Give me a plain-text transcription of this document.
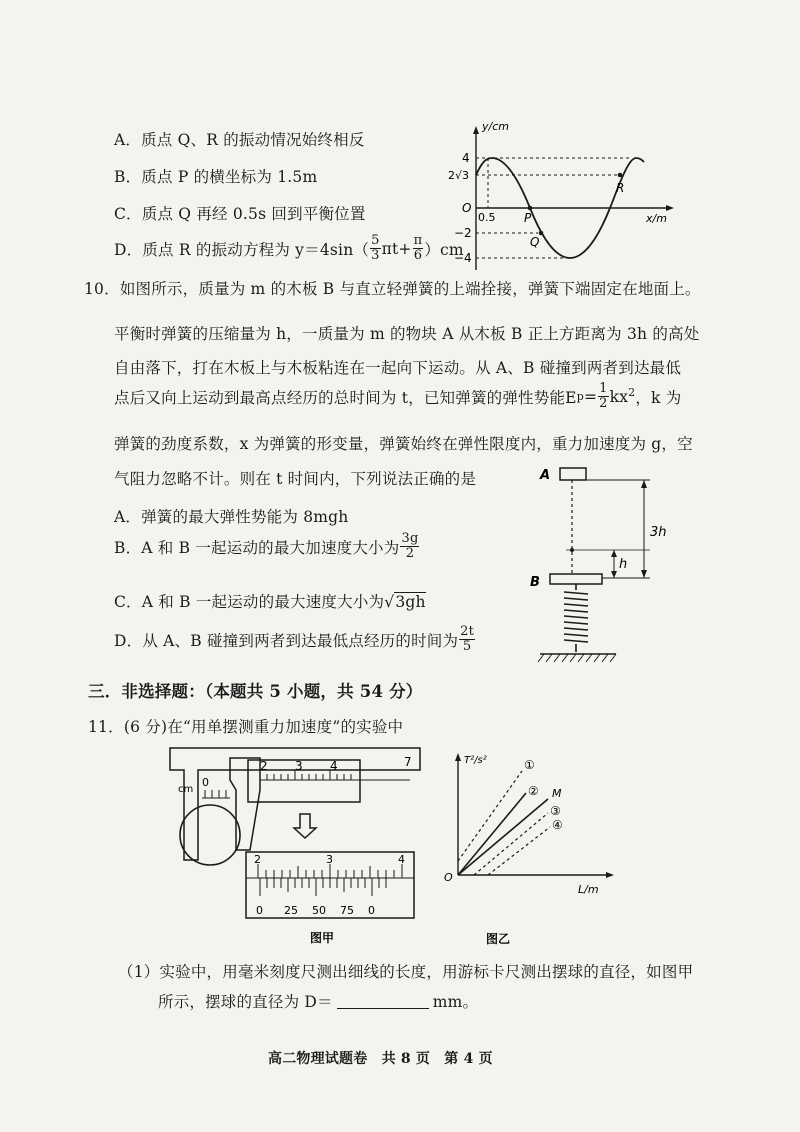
A．质点 Q、R 的振动情况始终相反
B．质点 P 的横坐标为 1.5m
C．质点 Q 再经 0.5s 回到平衡位置
D．质点 R 的振动方程为 $y=4\sin( \frac{5}{3} \pi t+ \frac{\pi}{6} )cm$
y/cm
x/m
4
2√3
O
−2
−4
0.5 P
Q
R
10．如图所示，质量为 m 的木板 B 与直立轻弹簧的上端拴接，弹簧下端固定在地面上。
平衡时弹簧的压缩量为 h，一质量为 m 的物块 A 从木板 B 正上方距离为 3h 的高处
自由落下，打在木板上与木板粘连在一起向下运动。从 A、B 碰撞到两者到达最低
点后又向上运动到最高点经历的总时间为 t，已知弹簧的弹性势能E $p = \frac{1}{2} kx^2$ ，k 为
弹簧的劲度系数，x 为弹簧的形变量，弹簧始终在弹性限度内，重力加速度为 g，空
气阻力忽略不计。则在 t 时间内，下列说法正确的是
A．弹簧的最大弹性势能为 8mgh
B．A 和 B 一起运动的最大加速度大小为 $\frac{3g}{2}$
C．A 和 B 一起运动的最大速度大小为√3gh
D．从 A、B 碰撞到两者到达最低点经历的时间为 $\frac{2t}{5}$
A
B
3h
h
三．非选择题：（本题共 5 小题，共 54 分）
11．(6 分)在“用单摆测重力加速度”的实验中
cm
0
2 3 4	7
2	3	4
0 25 50 75 0
图甲
T²/s²
L/m
O
①
② M
③
④
图乙
（1）实验中，用毫米刻度尺测出细线的长度，用游标卡尺测出摆球的直径，如图甲
所示，摆球的直径为 D＝	mm。
高二物理试题卷　共 8 页　第 4 页
